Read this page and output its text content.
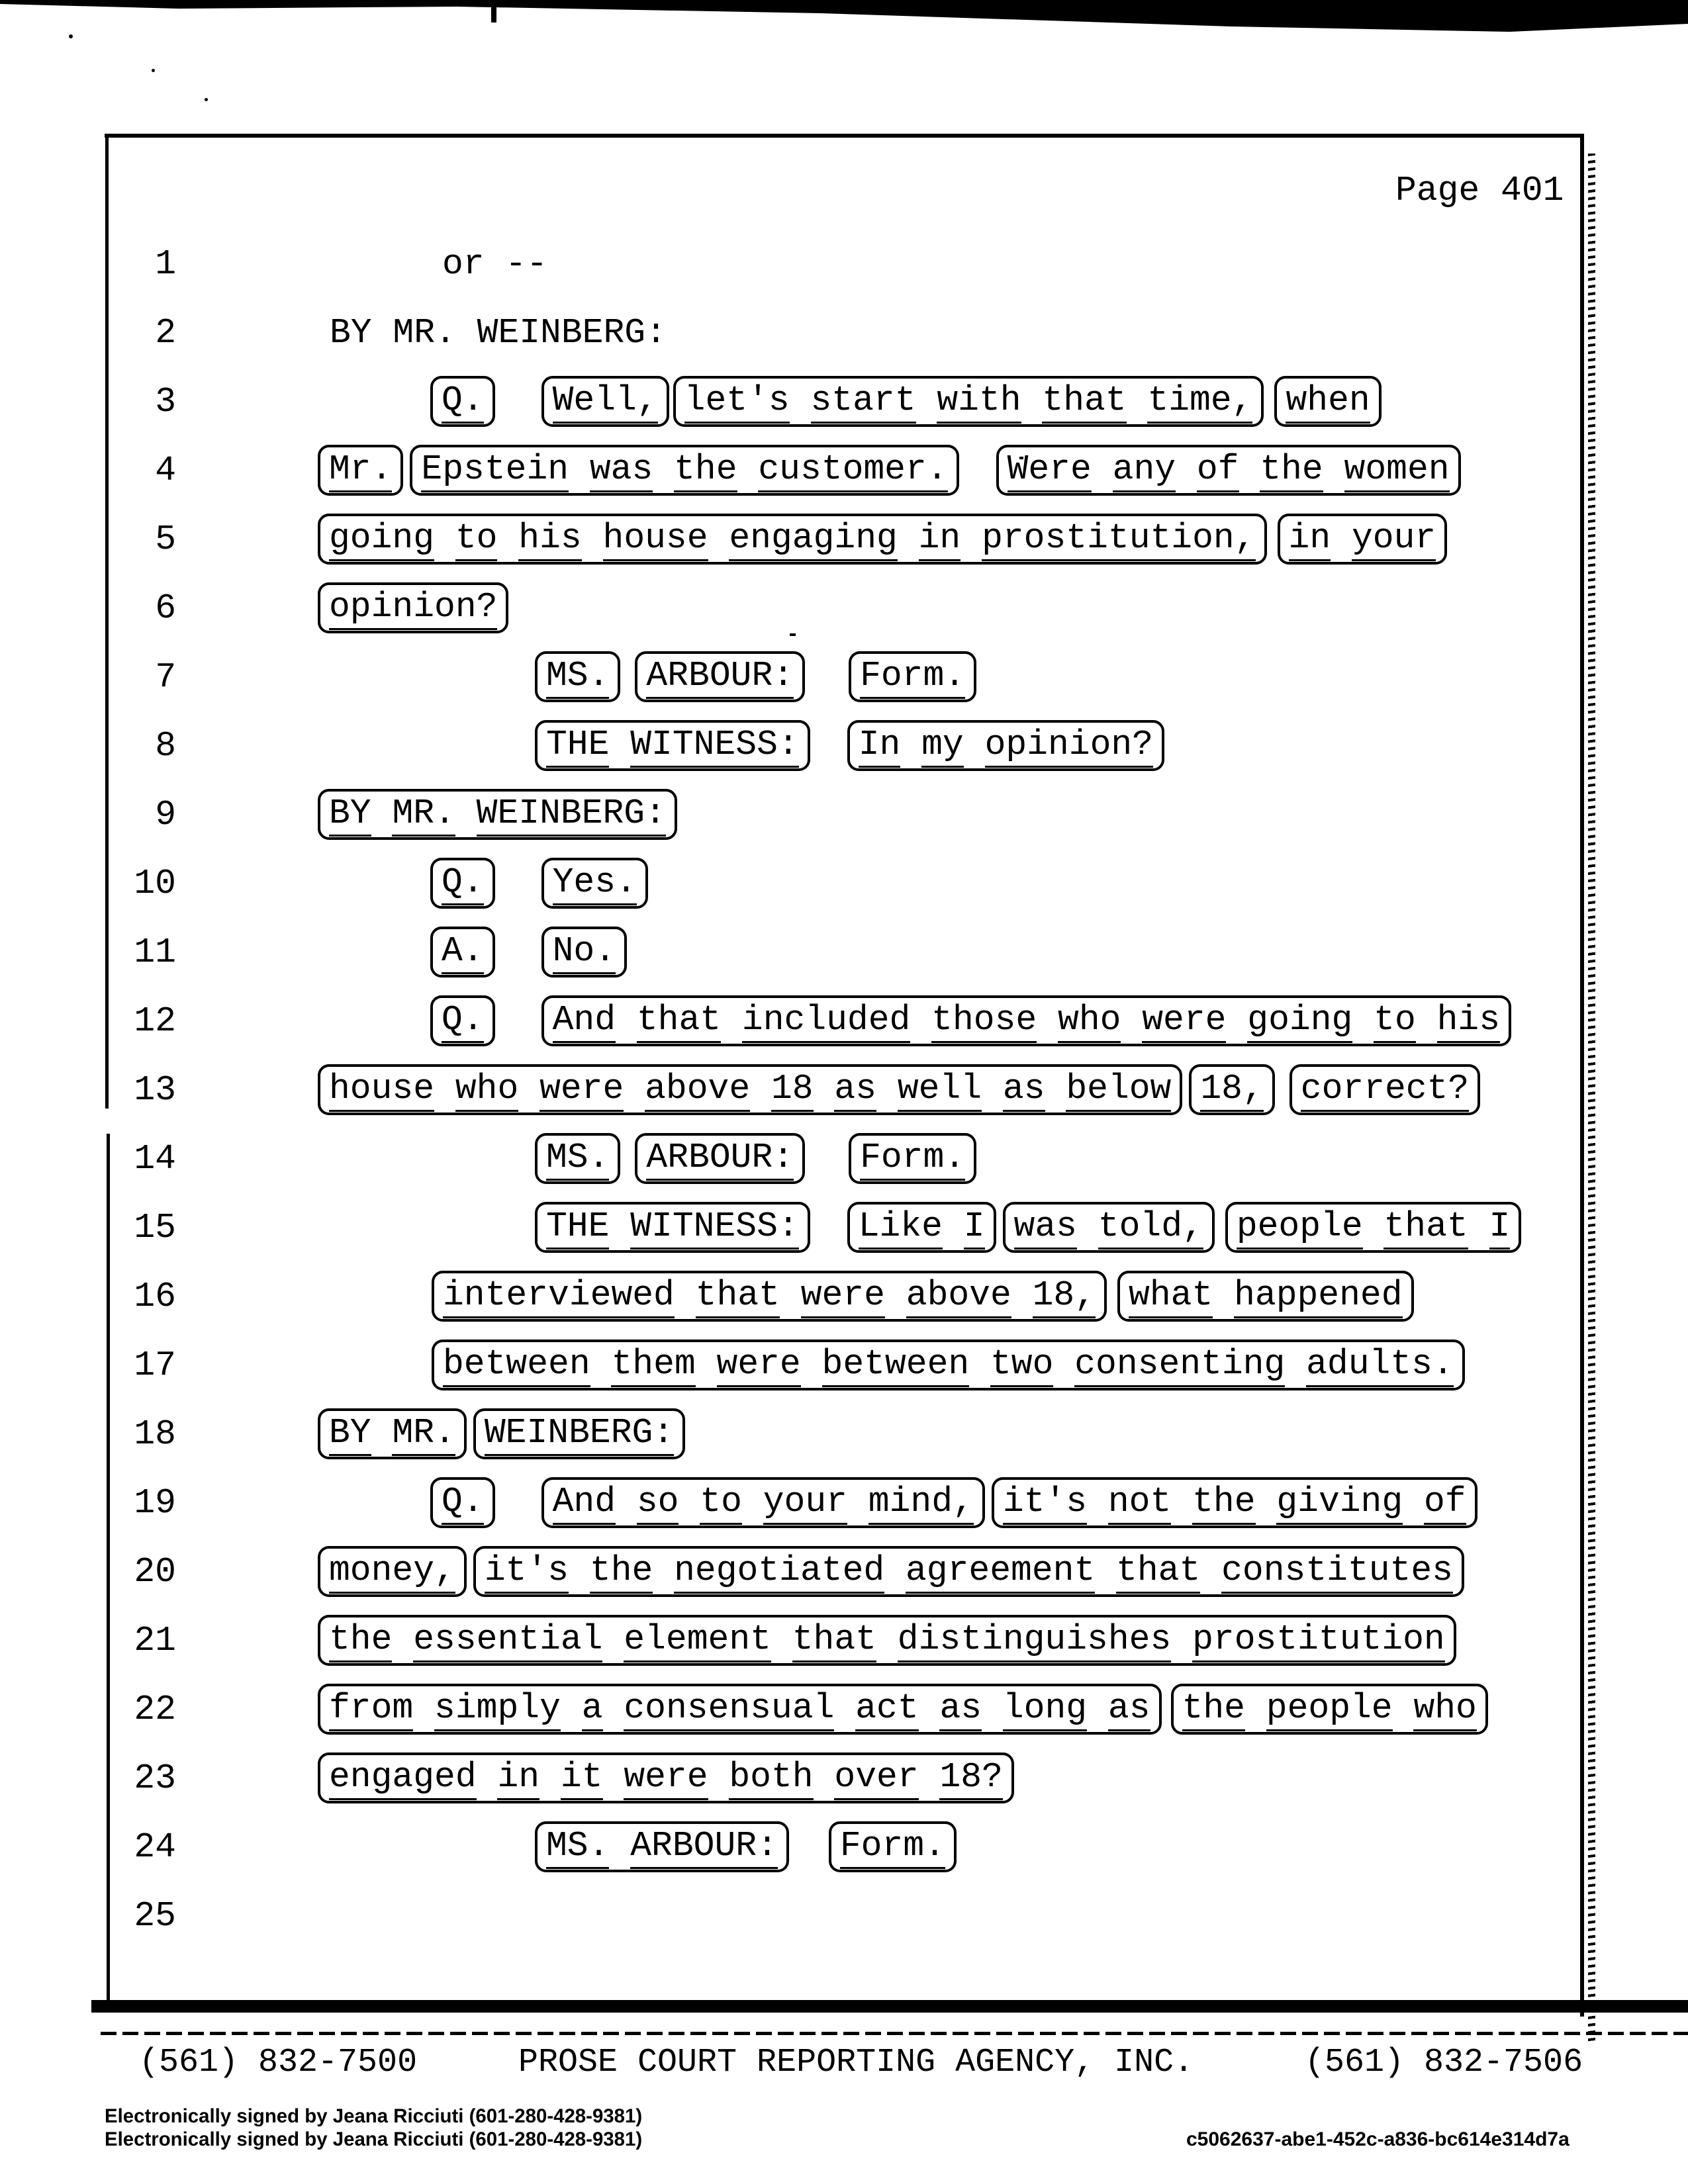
Page 401
1	or --
2	BY MR. WEINBERG:
3	Q. Well, let's start with that time, when
4	Mr. Epstein was the customer. Were any of the women
5	going to his house engaging in prostitution, in your
6	opinion?
7	MS. ARBOUR: Form.
8	THE WITNESS: In my opinion?
9	BY MR. WEINBERG:
10	Q. Yes.
11	A. No.
12	Q. And that included those who were going to his
13	house who were above 18 as well as below 18, correct?
14	MS. ARBOUR: Form.
15	THE WITNESS: Like I was told, people that I
16	interviewed that were above 18, what happened
17	between them were between two consenting adults.
18	BY MR. WEINBERG:
19	Q. And so to your mind, it's not the giving of
20	money, it's the negotiated agreement that constitutes
21	the essential element that distinguishes prostitution
22	from simply a consensual act as long as the people who
23	engaged in it were both over 18?
24	MS. ARBOUR: Form.
25
(561) 832-7500	PROSE COURT REPORTING AGENCY, INC.	(561) 832-7506
Electronically signed by Jeana Ricciuti (601-280-428-9381)
Electronically signed by Jeana Ricciuti (601-280-428-9381)	c5062637-abe1-452c-a836-bc614e314d7a
